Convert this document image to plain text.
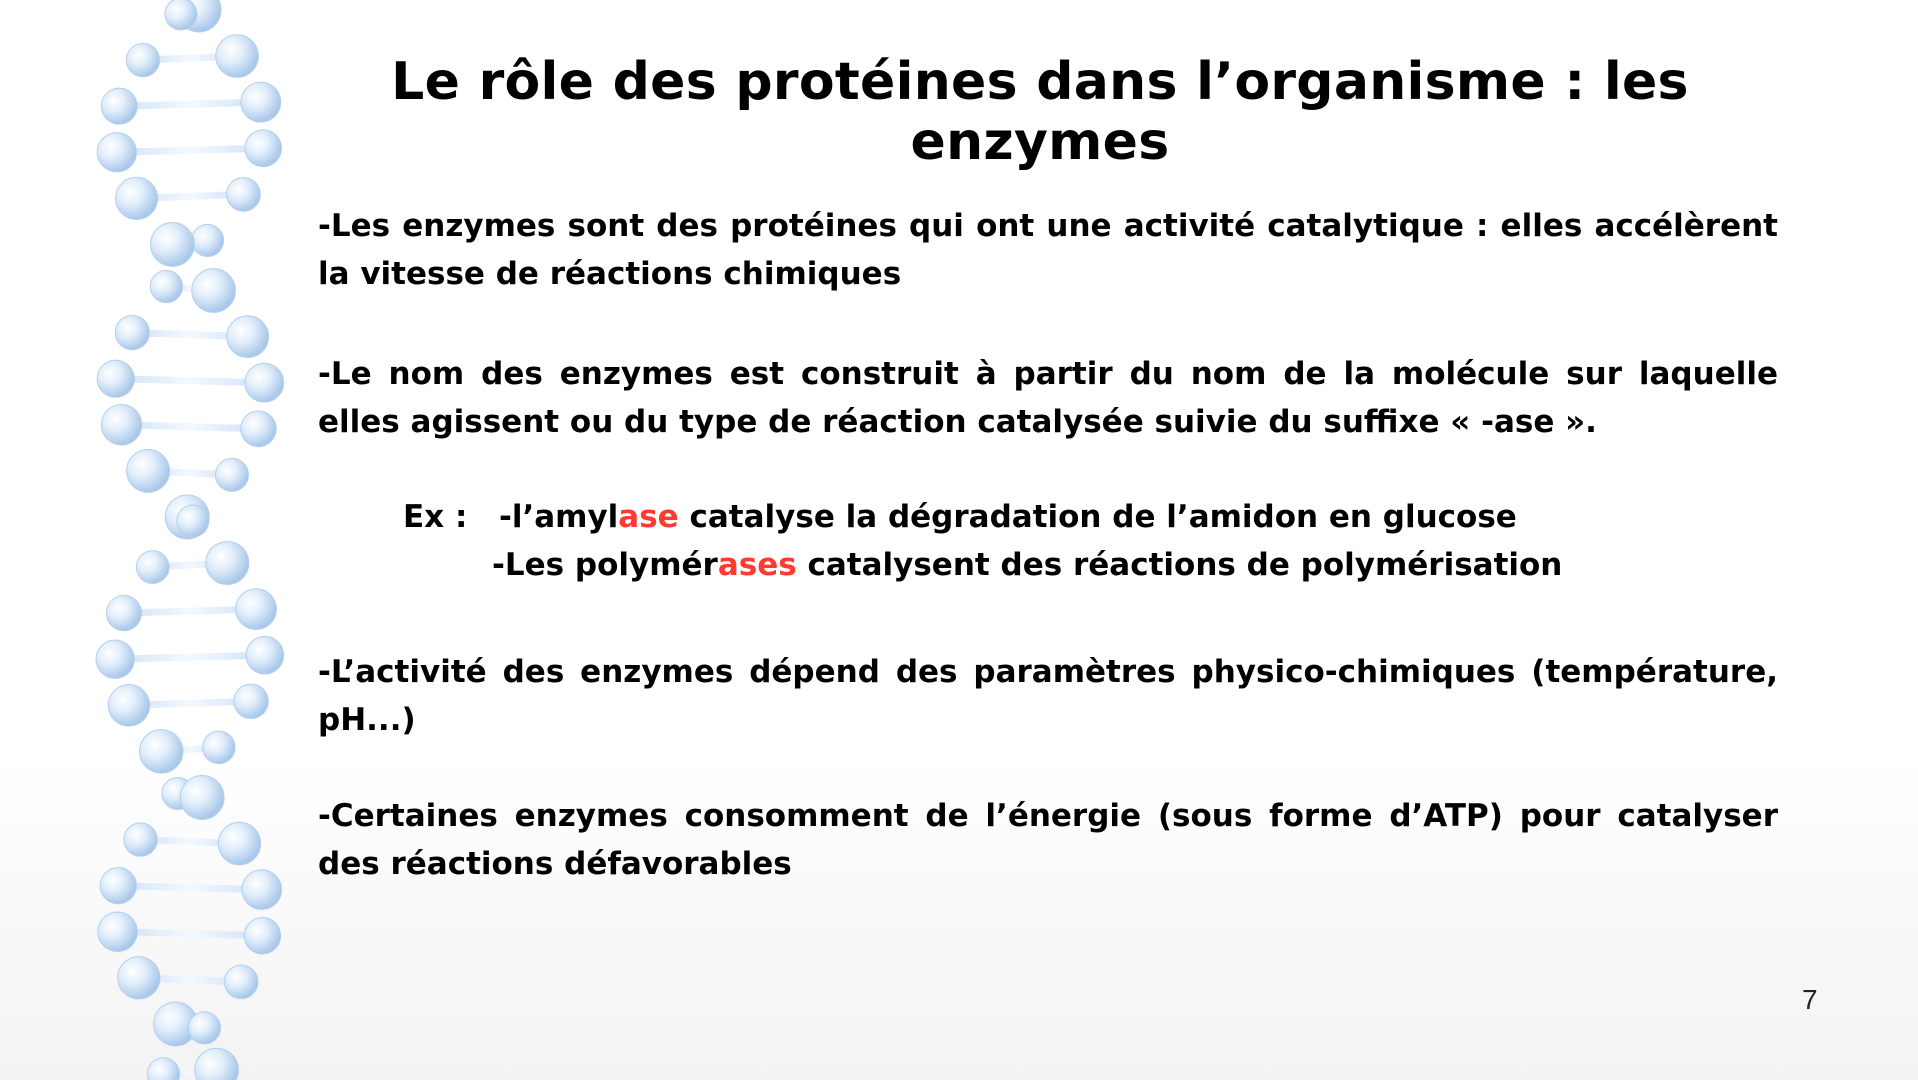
Le rôle des protéines dans l’organisme : les enzymes

-Les enzymes sont des protéines qui ont une activité catalytique : elles accélèrent la vitesse de réactions chimiques

-Le nom des enzymes est construit à partir du nom de la molécule sur laquelle elles agissent ou du type de réaction catalysée suivie du suffixe « -ase ».

Ex : -l’amylase catalyse la dégradation de l’amidon en glucose
-Les polymérases catalysent des réactions de polymérisation

-L’activité des enzymes dépend des paramètres physico-chimiques (température, pH...)

-Certaines enzymes consomment de l’énergie (sous forme d’ATP) pour catalyser des réactions défavorables

7
